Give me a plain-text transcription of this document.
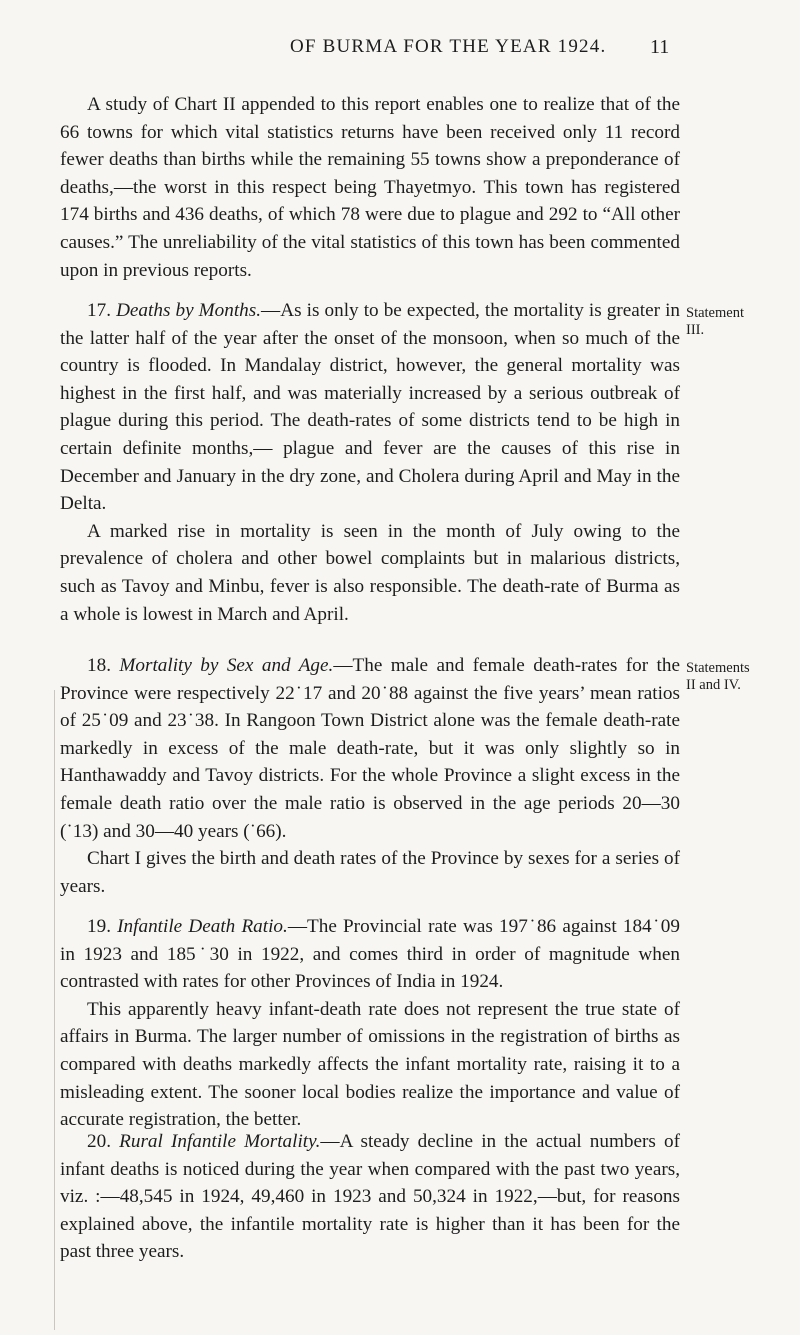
OF BURMA FOR THE YEAR 1924. 11

A study of Chart II appended to this report enables one to realize that of the 66 towns for which vital statistics returns have been received only 11 record fewer deaths than births while the remaining 55 towns show a preponderance of deaths,—the worst in this respect being Thayetmyo. This town has registered 174 births and 436 deaths, of which 78 were due to plague and 292 to “All other causes.” The unreliability of the vital statistics of this town has been commented upon in previous reports.

17. Deaths by Months.—As is only to be expected, the mortality is greater in the latter half of the year after the onset of the monsoon, when so much of the country is flooded. In Mandalay district, however, the general mortality was highest in the first half, and was materially increased by a serious outbreak of plague during this period. The death-rates of some districts tend to be high in certain definite months,— plague and fever are the causes of this rise in December and January in the dry zone, and Cholera during April and May in the Delta.

A marked rise in mortality is seen in the month of July owing to the prevalence of cholera and other bowel complaints but in malarious districts, such as Tavoy and Minbu, fever is also responsible. The death-rate of Burma as a whole is lowest in March and April.

Statement
III.

18. Mortality by Sex and Age.—The male and female death-rates for the Province were respectively 22˙17 and 20˙88 against the five years’ mean ratios of 25˙09 and 23˙38. In Rangoon Town District alone was the female death-rate markedly in excess of the male death-rate, but it was only slightly so in Hanthawaddy and Tavoy districts. For the whole Province a slight excess in the female death ratio over the male ratio is observed in the age periods 20—30 (˙13) and 30—40 years (˙66).

Chart I gives the birth and death rates of the Province by sexes for a series of years.

Statements
II and IV.

19. Infantile Death Ratio.—The Provincial rate was 197˙86 against 184˙09 in 1923 and 185˙30 in 1922, and comes third in order of magnitude when contrasted with rates for other Provinces of India in 1924.

This apparently heavy infant-death rate does not represent the true state of affairs in Burma. The larger number of omissions in the registration of births as compared with deaths markedly affects the infant mortality rate, raising it to a misleading extent. The sooner local bodies realize the importance and value of accurate registration, the better.

20. Rural Infantile Mortality.—A steady decline in the actual numbers of infant deaths is noticed during the year when compared with the past two years, viz. :—48,545 in 1924, 49,460 in 1923 and 50,324 in 1922,—but, for reasons explained above, the infantile mortality rate is higher than it has been for the past three years.
